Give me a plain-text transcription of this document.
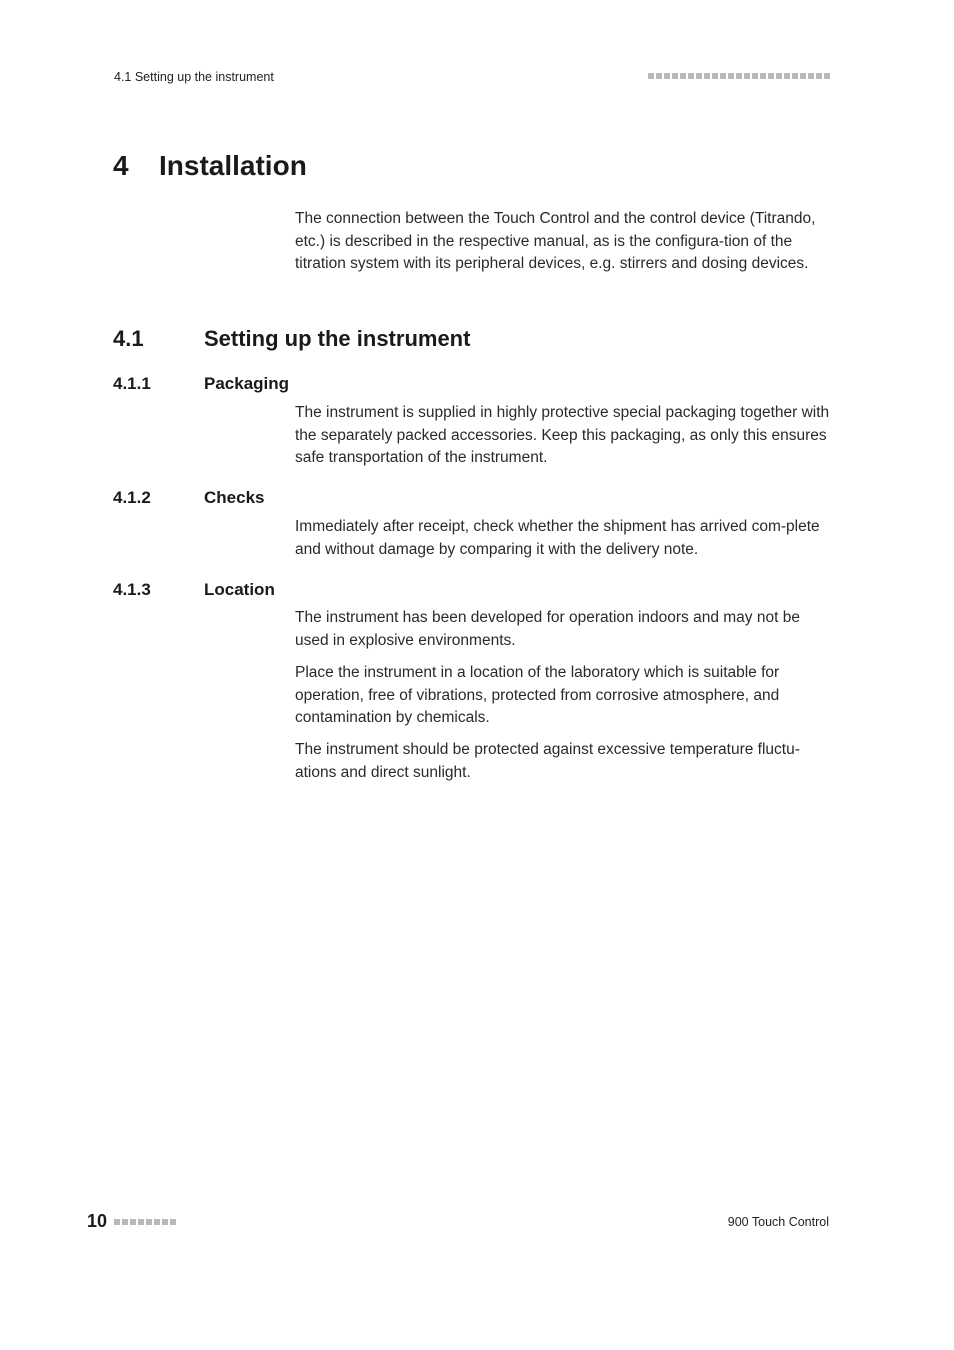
4.1 Setting up the instrument
4 Installation

The connection between the Touch Control and the control device (Titrando, etc.) is described in the respective manual, as is the configura-tion of the titration system with its peripheral devices, e.g. stirrers and dosing devices.

4.1	Setting up the instrument
4.1.1	Packaging

The instrument is supplied in highly protective special packaging together with the separately packed accessories. Keep this packaging, as only this ensures safe transportation of the instrument.

4.1.2	Checks

Immediately after receipt, check whether the shipment has arrived com-plete and without damage by comparing it with the delivery note.

4.1.3	Location

The instrument has been developed for operation indoors and may not be used in explosive environments.

Place the instrument in a location of the laboratory which is suitable for operation, free of vibrations, protected from corrosive atmosphere, and contamination by chemicals.

The instrument should be protected against excessive temperature fluctu-ations and direct sunlight.

10	900 Touch Control
